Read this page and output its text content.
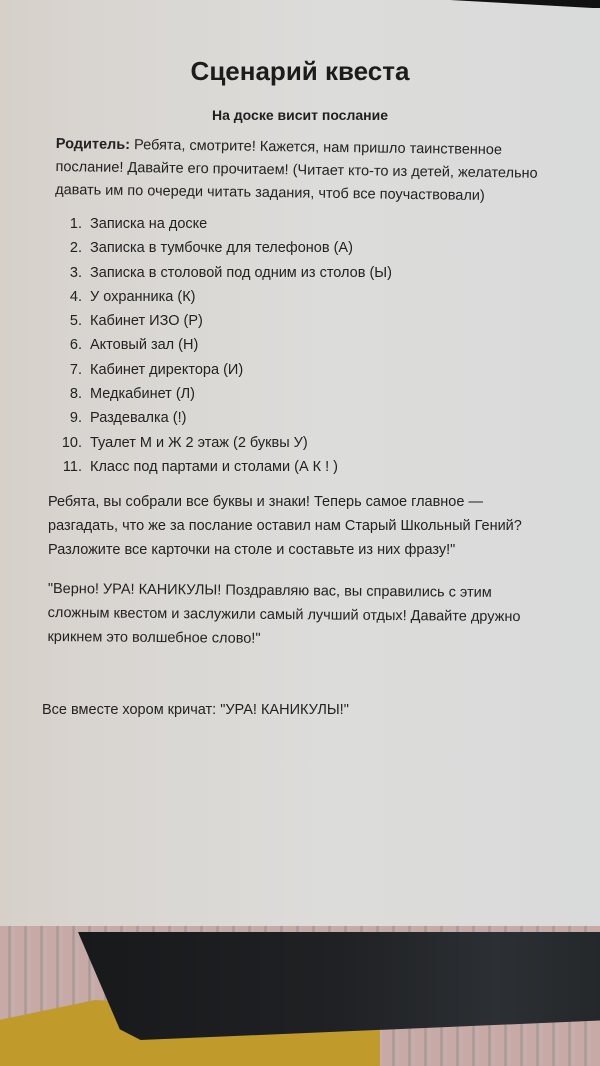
Сценарий квеста
На доске висит послание
Родитель: Ребята, смотрите! Кажется, нам пришло таинственное
послание! Давайте его прочитаем! (Читает кто-то из детей, желательно
давать им по очереди читать задания, чтоб все поучаствовали)
1. Записка на доске
2. Записка в тумбочке для телефонов (А)
3. Записка в столовой под одним из столов (Ы)
4. У охранника (К)
5. Кабинет ИЗО (Р)
6. Актовый зал (Н)
7. Кабинет директора (И)
8. Медкабинет (Л)
9. Раздевалка (!)
10. Туалет М и Ж 2 этаж (2 буквы У)
11. Класс под партами и столами (А К ! )
Ребята, вы собрали все буквы и знаки! Теперь самое главное —
разгадать, что же за послание оставил нам Старый Школьный Гений?
Разложите все карточки на столе и составьте из них фразу!"
"Верно! УРА! КАНИКУЛЫ! Поздравляю вас, вы справились с этим
сложным квестом и заслужили самый лучший отдых! Давайте дружно
крикнем это волшебное слово!"
Все вместе хором кричат: "УРА! КАНИКУЛЫ!"
